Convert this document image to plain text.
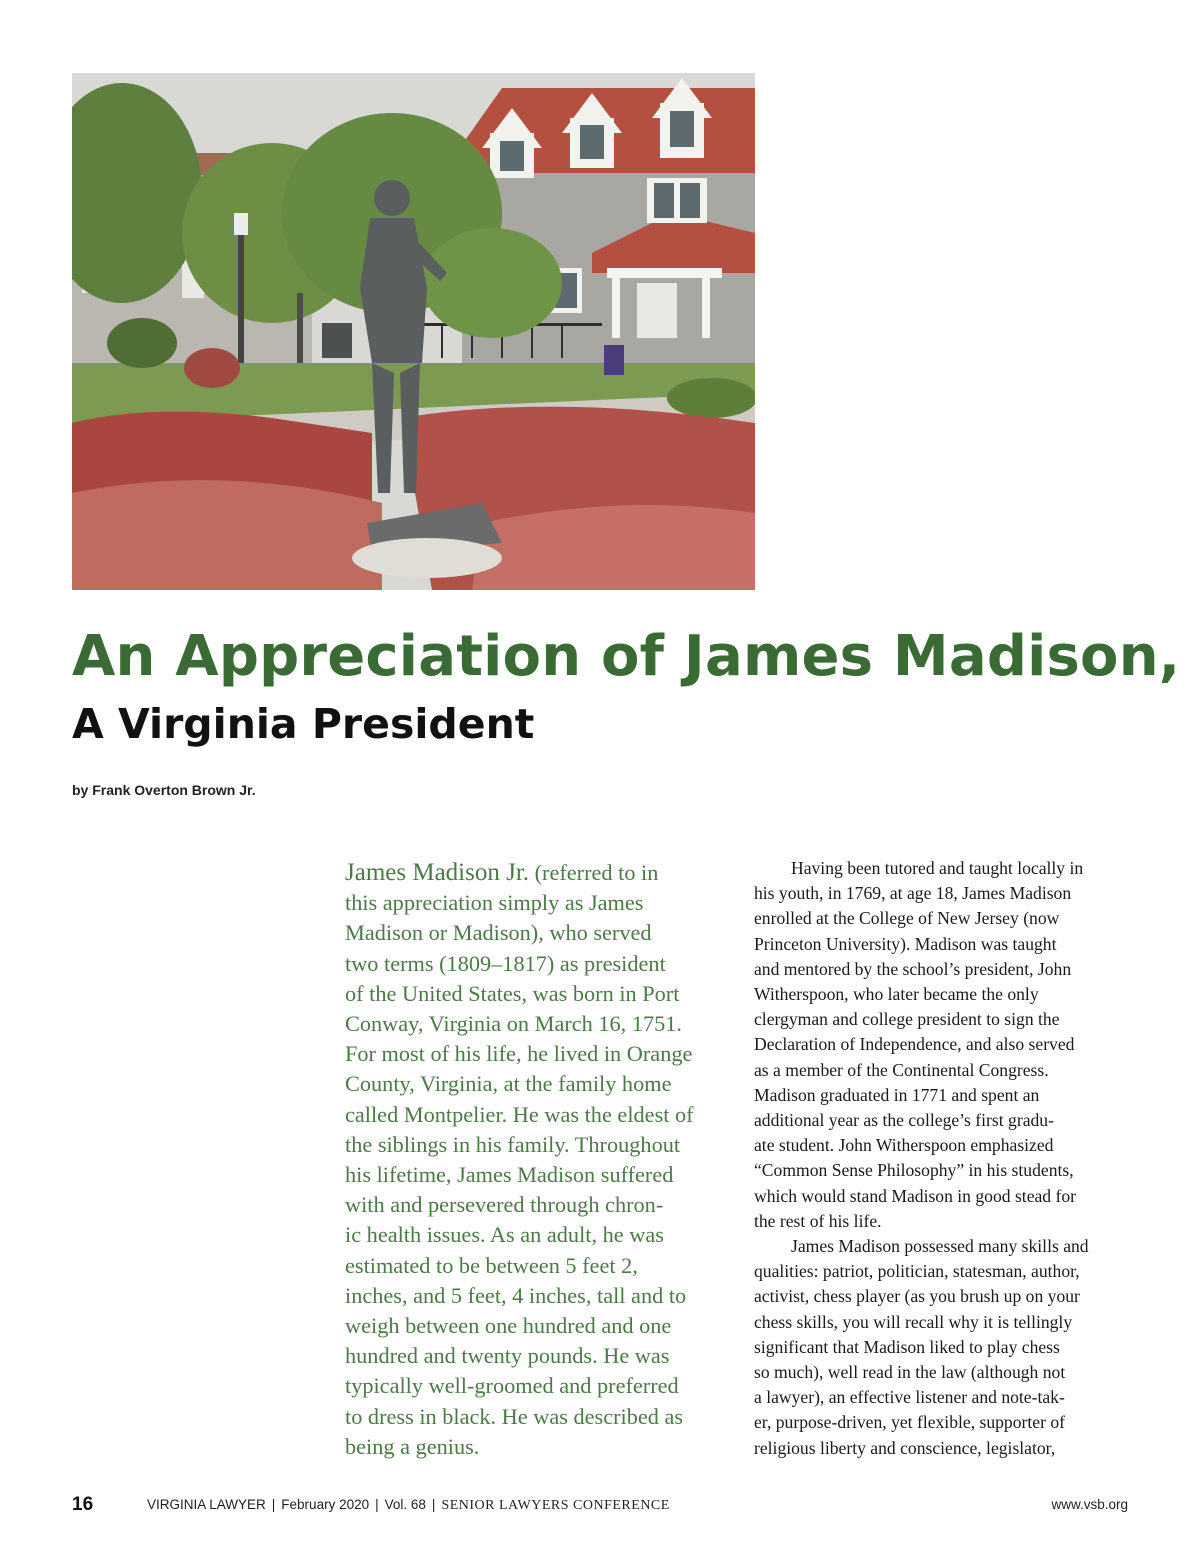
An Appreciation of James Madison,
A Virginia President
by Frank Overton Brown Jr.
James Madison Jr. (referred to in
this appreciation simply as James
Madison or Madison), who served
two terms (1809–1817) as president
of the United States, was born in Port
Conway, Virginia on March 16, 1751.
For most of his life, he lived in Orange
County, Virginia, at the family home
called Montpelier. He was the eldest of
the siblings in his family. Throughout
his lifetime, James Madison suffered
with and persevered through chron-
ic health issues. As an adult, he was
estimated to be between 5 feet 2,
inches, and 5 feet, 4 inches, tall and to
weigh between one hundred and one
hundred and twenty pounds. He was
typically well-groomed and preferred
to dress in black. He was described as
being a genius.
Having been tutored and taught locally in
his youth, in 1769, at age 18, James Madison
enrolled at the College of New Jersey (now
Princeton University). Madison was taught
and mentored by the school’s president, John
Witherspoon, who later became the only
clergyman and college president to sign the
Declaration of Independence, and also served
as a member of the Continental Congress.
Madison graduated in 1771 and spent an
additional year as the college’s first gradu-
ate student. John Witherspoon emphasized
“Common Sense Philosophy” in his students,
which would stand Madison in good stead for
the rest of his life.
James Madison possessed many skills and
qualities: patriot, politician, statesman, author,
activist, chess player (as you brush up on your
chess skills, you will recall why it is tellingly
significant that Madison liked to play chess
so much), well read in the law (although not
a lawyer), an effective listener and note-tak-
er, purpose-driven, yet flexible, supporter of
religious liberty and conscience, legislator,
16	VIRGINIA LAWYER | February 2020 | Vol. 68 | SENIOR LAWYERS CONFERENCE	www.vsb.org
